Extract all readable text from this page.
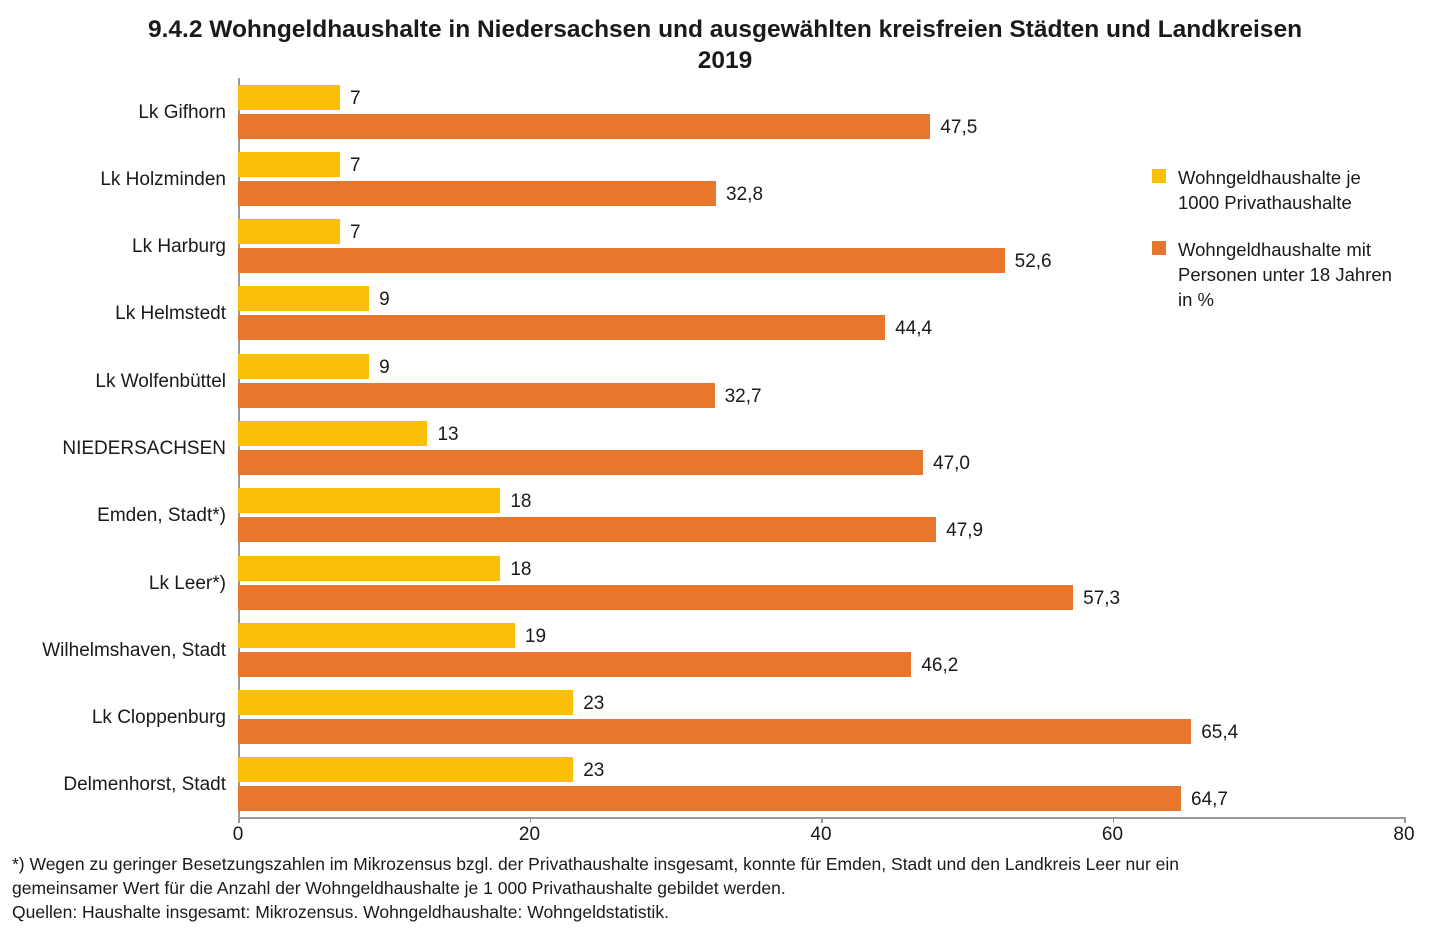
9.4.2 Wohngeldhaushalte in Niedersachsen und ausgewählten kreisfreien Städten und Landkreisen 2019
Lk Gifhorn
7
47,5
Lk Holzminden
7
32,8
Lk Harburg
7
52,6
Lk Helmstedt
9
44,4
Lk Wolfenbüttel
9
32,7
NIEDERSACHSEN
13
47,0
Emden, Stadt*)
18
47,9
Lk Leer*)
18
57,3
Wilhelmshaven, Stadt
19
46,2
Lk Cloppenburg
23
65,4
Delmenhorst, Stadt
23
64,7
Wohngeldhaushalte je
1000 Privathaushalte
Wohngeldhaushalte mit
Personen unter 18 Jahren
in %
*) Wegen zu geringer Besetzungszahlen im Mikrozensus bzgl. der Privathaushalte insgesamt, konnte für Emden, Stadt und den Landkreis Leer nur ein
gemeinsamer Wert für die Anzahl der Wohngeldhaushalte je 1 000 Privathaushalte gebildet werden.
Quellen: Haushalte insgesamt: Mikrozensus. Wohngeldhaushalte: Wohngeldstatistik.
0	20	40	60	80
